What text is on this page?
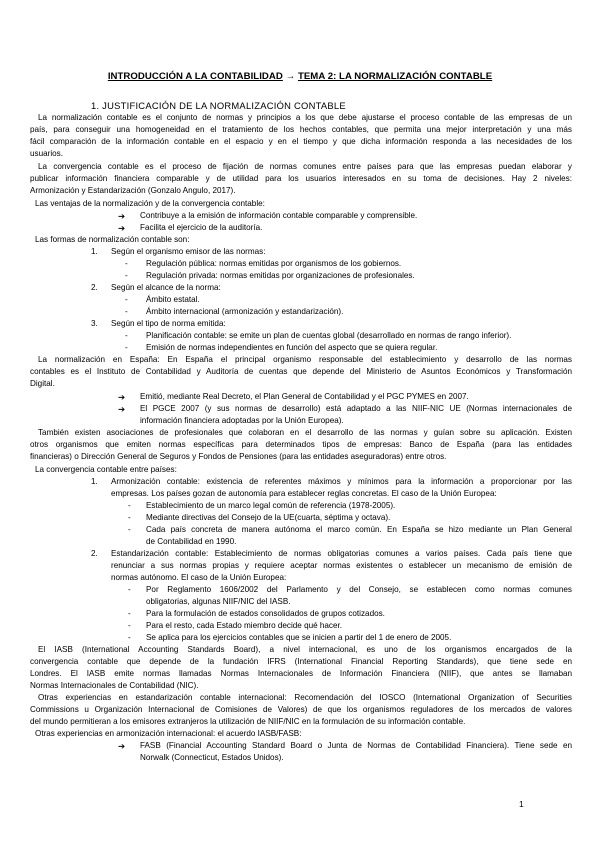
INTRODUCCIÓN A LA CONTABILIDAD → TEMA 2: LA NORMALIZACIÓN CONTABLE
1. JUSTIFICACIÓN DE LA NORMALIZACIÓN CONTABLE
La normalización contable es el conjunto de normas y principios a los que debe ajustarse el proceso contable de las empresas de un
país, para conseguir una homogeneidad en el tratamiento de los hechos contables, que permita una mejor interpretación y una más
fácil comparación de la información contable en el espacio y en el tiempo y que dicha información responda a las necesidades de los
usuarios.
La convergencia contable es el proceso de fijación de normas comunes entre países para que las empresas puedan elaborar y
publicar información financiera comparable y de utilidad para los usuarios interesados en su toma de decisiones. Hay 2 niveles:
Armonización y Estandarización (Gonzalo Angulo, 2017).
Las ventajas de la normalización y de la convergencia contable:
➔ Contribuye a la emisión de información contable comparable y comprensible.
➔ Facilita el ejercicio de la auditoría.
Las formas de normalización contable son:
1. Según el organismo emisor de las normas:
- Regulación pública: normas emitidas por organismos de los gobiernos.
- Regulación privada: normas emitidas por organizaciones de profesionales.
2. Según el alcance de la norma:
- Ámbito estatal.
- Ámbito internacional (armonización y estandarización).
3. Según el tipo de norma emitida:
- Planificación contable: se emite un plan de cuentas global (desarrollado en normas de rango inferior).
- Emisión de normas independientes en función del aspecto que se quiera regular.
La normalización en España: En España el principal organismo responsable del establecimiento y desarrollo de las normas
contables es el Instituto de Contabilidad y Auditoría de cuentas que depende del Ministerio de Asuntos Económicos y Transformación
Digital.
➔ Emitió, mediante Real Decreto, el Plan General de Contabilidad y el PGC PYMES en 2007.
➔ El PGCE 2007 (y sus normas de desarrollo) está adaptado a las NIIF-NIC UE (Normas internacionales de
información financiera adoptadas por la Unión Europea).
También existen asociaciones de profesionales que colaboran en el desarrollo de las normas y guían sobre su aplicación. Existen
otros organismos que emiten normas específicas para determinados tipos de empresas: Banco de España (para las entidades
financieras) o Dirección General de Seguros y Fondos de Pensiones (para las entidades aseguradoras) entre otros.
La convergencia contable entre países:
1. Armonización contable: existencia de referentes máximos y mínimos para la información a proporcionar por las
empresas. Los países gozan de autonomía para establecer reglas concretas. El caso de la Unión Europea:
- Establecimiento de un marco legal común de referencia (1978-2005).
- Mediante directivas del Consejo de la UE(cuarta, séptima y octava).
- Cada país concreta de manera autónoma el marco común. En España se hizo mediante un Plan General
de Contabilidad en 1990.
2. Estandarización contable: Establecimiento de normas obligatorias comunes a varios países. Cada país tiene que
renunciar a sus normas propias y requiere aceptar normas existentes o establecer un mecanismo de emisión de
normas autónomo. El caso de la Unión Europea:
- Por Reglamento 1606/2002 del Parlamento y del Consejo, se establecen como normas comunes
obligatorias, algunas NIIF/NIC del IASB.
- Para la formulación de estados consolidados de grupos cotizados.
- Para el resto, cada Estado miembro decide qué hacer.
- Se aplica para los ejercicios contables que se inicien a partir del 1 de enero de 2005.
El IASB (International Accounting Standards Board), a nivel internacional, es uno de los organismos encargados de la
convergencia contable que depende de la fundación IFRS (International Financial Reporting Standards), que tiene sede en
Londres. El IASB emite normas llamadas Normas Internacionales de Información Financiera (NIIF), que antes se llamaban
Normas Internacionales de Contabilidad (NIC).
Otras experiencias en estandarización contable internacional: Recomendación del IOSCO (International Organization of Securities
Commissions u Organización Internacional de Comisiones de Valores) de que los organismos reguladores de los mercados de valores
del mundo permitieran a los emisores extranjeros la utilización de NIIF/NIC en la formulación de su información contable.
Otras experiencias en armonización internacional: el acuerdo IASB/FASB:
➔ FASB (Financial Accounting Standard Board o Junta de Normas de Contabilidad Financiera). Tiene sede en
Norwalk (Connecticut, Estados Unidos).
1
